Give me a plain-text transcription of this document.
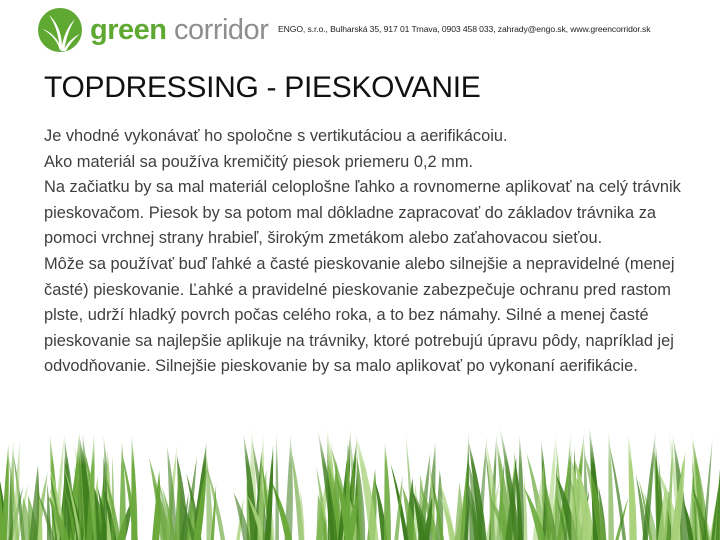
green corridor ENGO, s.r.o., Bulharská 35, 917 01 Trnava, 0903 458 033, zahrady@engo.sk, www.greencorridor.sk
TOPDRESSING - PIESKOVANIE

Je vhodné vykonávať ho spoločne s vertikutáciou a aerifikácoiu.

Ako materiál sa používa kremičitý piesok priemeru 0,2 mm.

Na začiatku by sa mal materiál celoplošne ľahko a rovnomerne aplikovať na celý trávnik pieskovačom. Piesok by sa potom mal dôkladne zapracovať do základov trávnika za pomoci vrchnej strany hrabieľ, širokým zmetákom alebo zaťahovacou sieťou.

Môže sa používať buď ľahké a časté pieskovanie alebo silnejšie a nepravidelné (menej časté) pieskovanie. Ľahké a pravidelné pieskovanie zabezpečuje ochranu pred rastom plste, udrží hladký povrch počas celého roka, a to bez námahy. Silné a menej časté pieskovanie sa najlepšie aplikuje na trávniky, ktoré potrebujú úpravu pôdy, napríklad jej odvodňovanie. Silnejšie pieskovanie by sa malo aplikovať po vykonaní aerifikácie.
